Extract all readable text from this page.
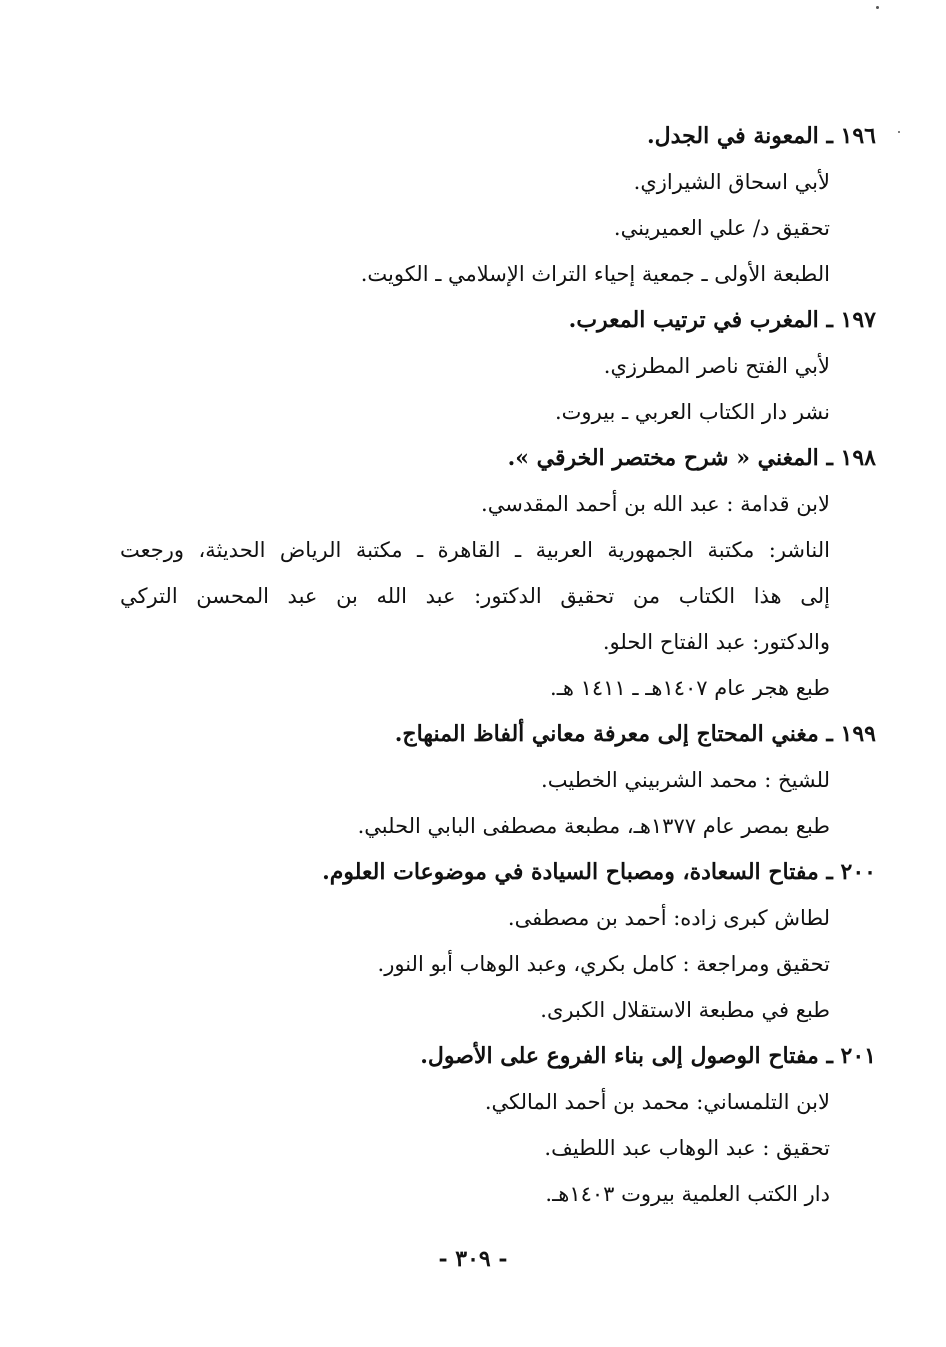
١٩٦ ـ المعونة في الجدل.
لأبي اسحاق الشيرازي.
تحقيق د/ علي العميريني.
الطبعة الأولى ـ جمعية إحياء التراث الإسلامي ـ الكويت.
١٩٧ ـ المغرب في ترتيب المعرب.
لأبي الفتح ناصر المطرزي.
نشر دار الكتاب العربي ـ بيروت.
١٩٨ ـ المغني « شرح مختصر الخرقي ».
لابن قدامة : عبد الله بن أحمد المقدسي.
الناشر: مكتبة الجمهورية العربية ـ القاهرة ـ مكتبة الرياض الحديثة، ورجعت
إلى هذا الكتاب من تحقيق الدكتور: عبد الله بن عبد المحسن التركي
والدكتور: عبد الفتاح الحلو.
طبع هجر عام ١٤٠٧هـ ـ ١٤١١ هـ.
١٩٩ ـ مغني المحتاج إلى معرفة معاني ألفاظ المنهاج.
للشيخ : محمد الشربيني الخطيب.
طبع بمصر عام ١٣٧٧هـ، مطبعة مصطفى البابي الحلبي.
٢٠٠ ـ مفتاح السعادة، ومصباح السيادة في موضوعات العلوم.
لطاش كبرى زاده: أحمد بن مصطفى.
تحقيق ومراجعة : كامل بكري، وعبد الوهاب أبو النور.
طبع في مطبعة الاستقلال الكبرى.
٢٠١ ـ مفتاح الوصول إلى بناء الفروع على الأصول.
لابن التلمساني: محمد بن أحمد المالكي.
تحقيق : عبد الوهاب عبد اللطيف.
دار الكتب العلمية بيروت ١٤٠٣هـ.
- ٣٠٩ -
